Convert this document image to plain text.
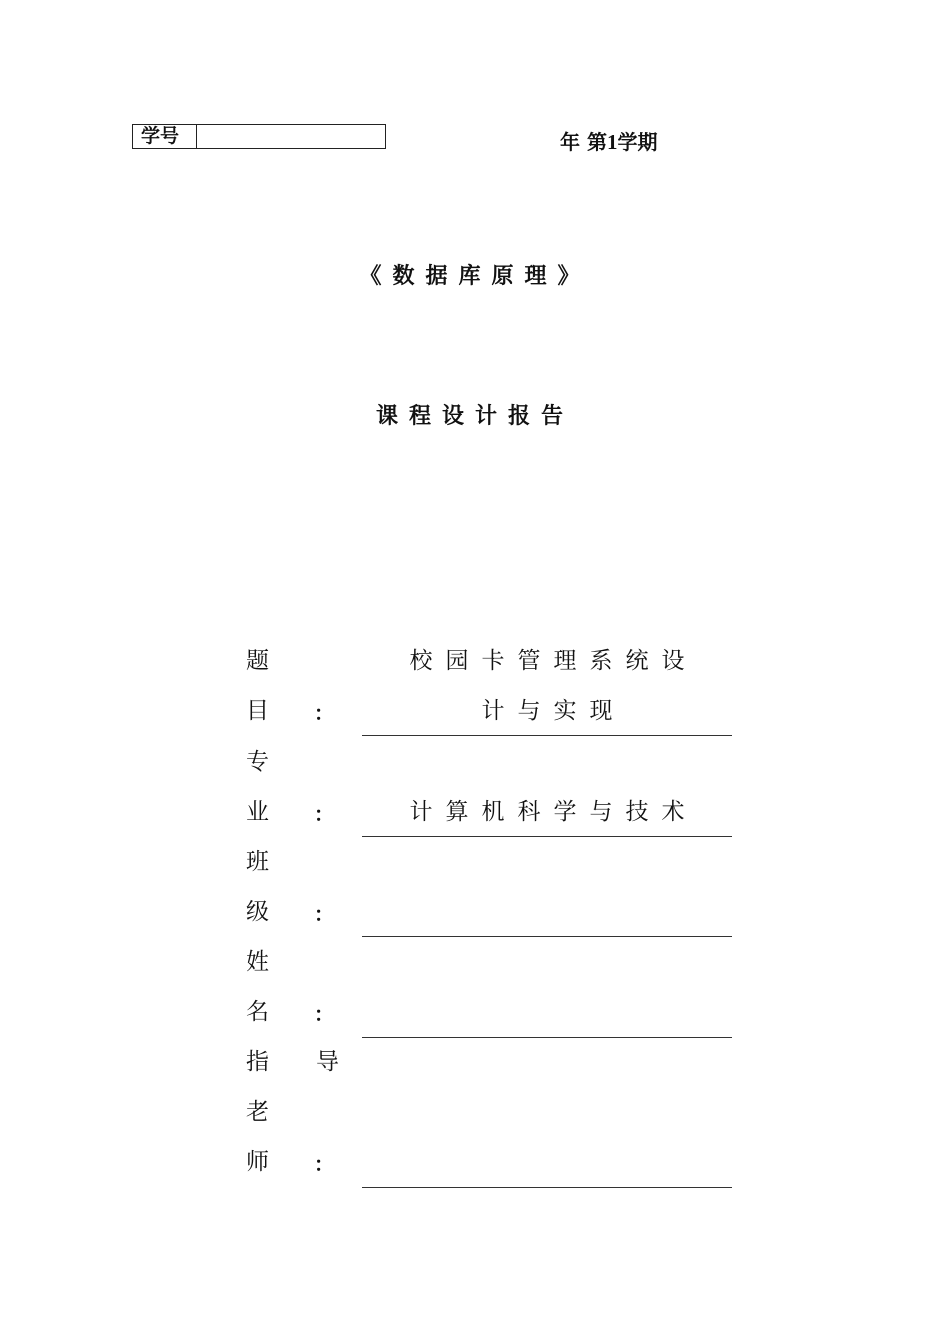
学号	年 第1学期
《数据库原理》
课程设计报告
题
目 ：
校园卡管理系统设
计与实现
专
业 ：	计算机科学与技术
班
级 ：
姓
名 ：
指 导
老
师 ：
